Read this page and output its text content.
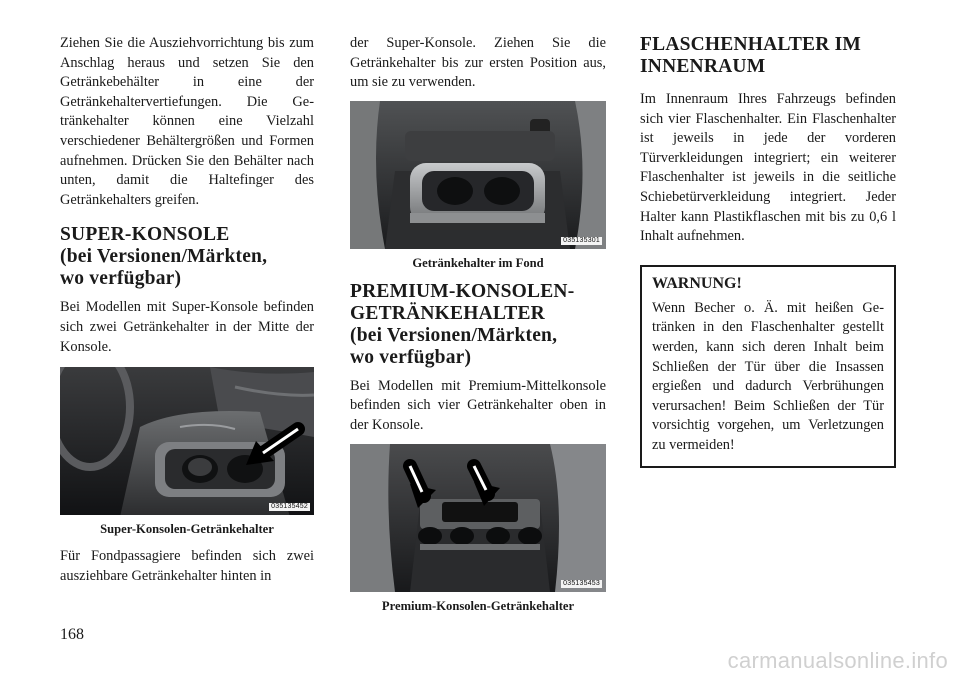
Ziehen Sie die Ausziehvorrichtung bis zum Anschlag heraus und setzen Sie den Getränkebehälter in eine der Getränkehaltervertiefungen. Die Getränkehalter können eine Vielzahl verschiedener Behältergrößen und Formen aufnehmen. Drücken Sie den Behälter nach unten, damit die Haltefinger des Getränkehalters greifen.

SUPER-KONSOLE
(bei Versionen/Märkten,
wo verfügbar)

Bei Modellen mit Super-Konsole befinden sich zwei Getränkehalter in der Mitte der Konsole.

035135452
Super-Konsolen-Getränkehalter

Für Fondpassagiere befinden sich zwei ausziehbare Getränkehalter hinten in

der Super-Konsole. Ziehen Sie die Getränkehalter bis zur ersten Position aus, um sie zu verwenden.

035135301
Getränkehalter im Fond
PREMIUM-KONSOLEN-
GETRÄNKEHALTER
(bei Versionen/Märkten,
wo verfügbar)

Bei Modellen mit Premium-Mittelkonsole befinden sich vier Getränkehalter oben in der Konsole.

035135453
Premium-Konsolen-Getränkehalter
FLASCHENHALTER IM
INNENRAUM

Im Innenraum Ihres Fahrzeugs befinden sich vier Flaschenhalter. Ein Flaschenhalter ist jeweils in jede der vorderen Türverkleidungen integriert; ein weiterer Flaschenhalter ist jeweils in die seitliche Schiebetürverkleidung integriert. Jeder Halter kann Plastikflaschen mit bis zu 0,6 l Inhalt aufnehmen.

WARNUNG!

Wenn Becher o. Ä. mit heißen Getränken in den Flaschenhalter gestellt werden, kann sich deren Inhalt beim Schließen der Tür über die Insassen ergießen und dadurch Verbrühungen verursachen! Beim Schließen der Tür vorsichtig vorgehen, um Verletzungen zu vermeiden!

168
carmanualsonline.info
